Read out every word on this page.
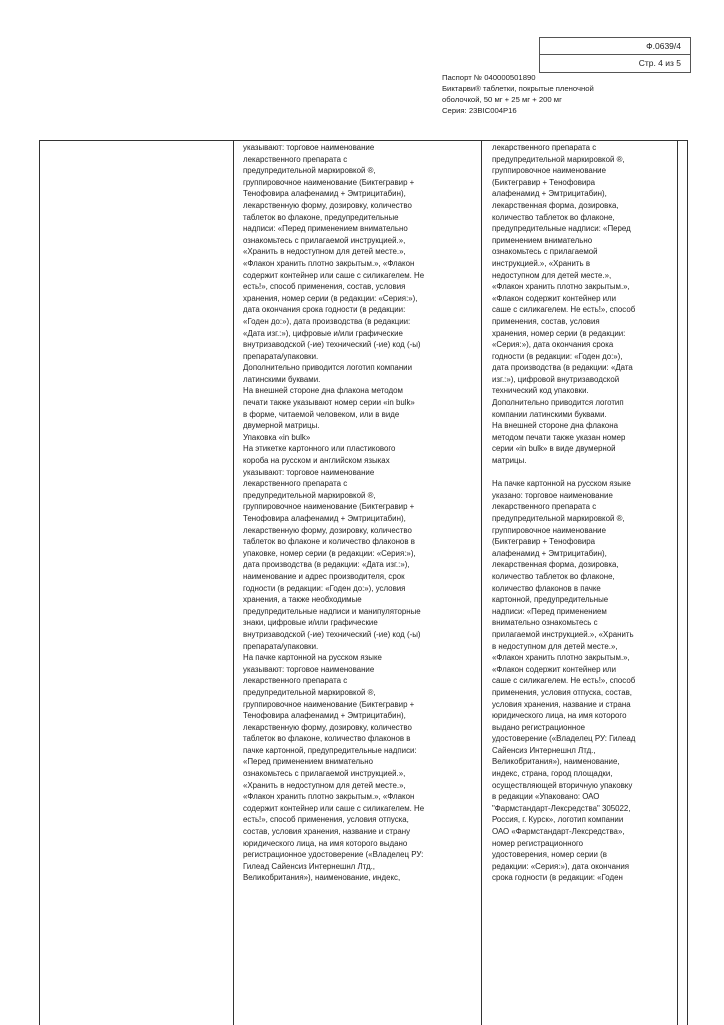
Ф.0639/4
Стр. 4 из 5
Паспорт № 040000501890
Биктарви® таблетки, покрытые пленочной
оболочкой, 50 мг + 25 мг + 200 мг
Серия: 23BIC004P16

указывают: торговое наименование

лекарственного препарата с

предупредительной маркировкой ®,

группировочное наименование (Биктегравир +

Тенофовира алафенамид + Эмтрицитабин),

лекарственную форму, дозировку, количество

таблеток во флаконе, предупредительные

надписи: «Перед применением внимательно

ознакомьтесь с прилагаемой инструкцией.»,

«Хранить в недоступном для детей месте.»,

«Флакон хранить плотно закрытым.», «Флакон

содержит контейнер или саше с силикагелем. Не

есть!», способ применения, состав, условия

хранения, номер серии (в редакции: «Серия:»),

дата окончания срока годности (в редакции:

«Годен до:»), дата производства (в редакции:

«Дата изг.:»), цифровые и/или графические

внутризаводской (-ие) технический (-ие) код (-ы)

препарата/упаковки.

Дополнительно приводится логотип компании

латинскими буквами.

На внешней стороне дна флакона методом

печати также указывают номер серии «in bulk»

в форме, читаемой человеком, или в виде

двумерной матрицы.

Упаковка «in bulk»

На этикетке картонного или пластикового

короба на русском и английском языках

указывают: торговое наименование

лекарственного препарата с

предупредительной маркировкой ®,

группировочное наименование (Биктегравир +

Тенофовира алафенамид + Эмтрицитабин),

лекарственную форму, дозировку, количество

таблеток во флаконе и количество флаконов в

упаковке, номер серии (в редакции: «Серия:»),

дата производства (в редакции: «Дата изг.:»),

наименование и адрес производителя, срок

годности (в редакции: «Годен до:»), условия

хранения, а также необходимые

предупредительные надписи и манипуляторные

знаки, цифровые и/или графические

внутризаводской (-ие) технический (-ие) код (-ы)

препарата/упаковки.

На пачке картонной на русском языке

указывают: торговое наименование

лекарственного препарата с

предупредительной маркировкой ®,

группировочное наименование (Биктегравир +

Тенофовира алафенамид + Эмтрицитабин),

лекарственную форму, дозировку, количество

таблеток во флаконе, количество флаконов в

пачке картонной, предупредительные надписи:

«Перед применением внимательно

ознакомьтесь с прилагаемой инструкцией.»,

«Хранить в недоступном для детей месте.»,

«Флакон хранить плотно закрытым.», «Флакон

содержит контейнер или саше с силикагелем. Не

есть!», способ применения, условия отпуска,

состав, условия хранения, название и страну

юридического лица, на имя которого выдано

регистрационное удостоверение («Владелец РУ:

Гилеад Сайенсиз Интернешнл Лтд.,

Великобритания»), наименование, индекс,

лекарственного препарата с

предупредительной маркировкой ®,

группировочное наименование

(Биктегравир + Тенофовира

алафенамид + Эмтрицитабин),

лекарственная форма, дозировка,

количество таблеток во флаконе,

предупредительные надписи: «Перед

применением внимательно

ознакомьтесь с прилагаемой

инструкцией.», «Хранить в

недоступном для детей месте.»,

«Флакон хранить плотно закрытым.»,

«Флакон содержит контейнер или

саше с силикагелем. Не есть!», способ

применения, состав, условия

хранения, номер серии (в редакции:

«Серия:»), дата окончания срока

годности (в редакции: «Годен до:»),

дата производства (в редакции: «Дата

изг.:»), цифровой внутризаводской

технический код упаковки.

Дополнительно приводится логотип

компании латинскими буквами.

На внешней стороне дна флакона

методом печати также указан номер

серии «in bulk» в виде двумерной

матрицы.

На пачке картонной на русском языке

указано: торговое наименование

лекарственного препарата с

предупредительной маркировкой ®,

группировочное наименование

(Биктегравир + Тенофовира

алафенамид + Эмтрицитабин),

лекарственная форма, дозировка,

количество таблеток во флаконе,

количество флаконов в пачке

картонной, предупредительные

надписи: «Перед применением

внимательно ознакомьтесь с

прилагаемой инструкцией.», «Хранить

в недоступном для детей месте.»,

«Флакон хранить плотно закрытым.»,

«Флакон содержит контейнер или

саше с силикагелем. Не есть!», способ

применения, условия отпуска, состав,

условия хранения, название и страна

юридического лица, на имя которого

выдано регистрационное

удостоверение («Владелец РУ: Гилеад

Сайенсиз Интернешнл Лтд.,

Великобритания»), наименование,

индекс, страна, город площадки,

осуществляющей вторичную упаковку

в редакции «Упаковано: ОАО

"Фармстандарт-Лексредства" 305022,

Россия, г. Курск», логотип компании

ОАО «Фармстандарт-Лексредства»,

номер регистрационного

удостоверения, номер серии (в

редакции: «Серия:»), дата окончания

срока годности (в редакции: «Годен
